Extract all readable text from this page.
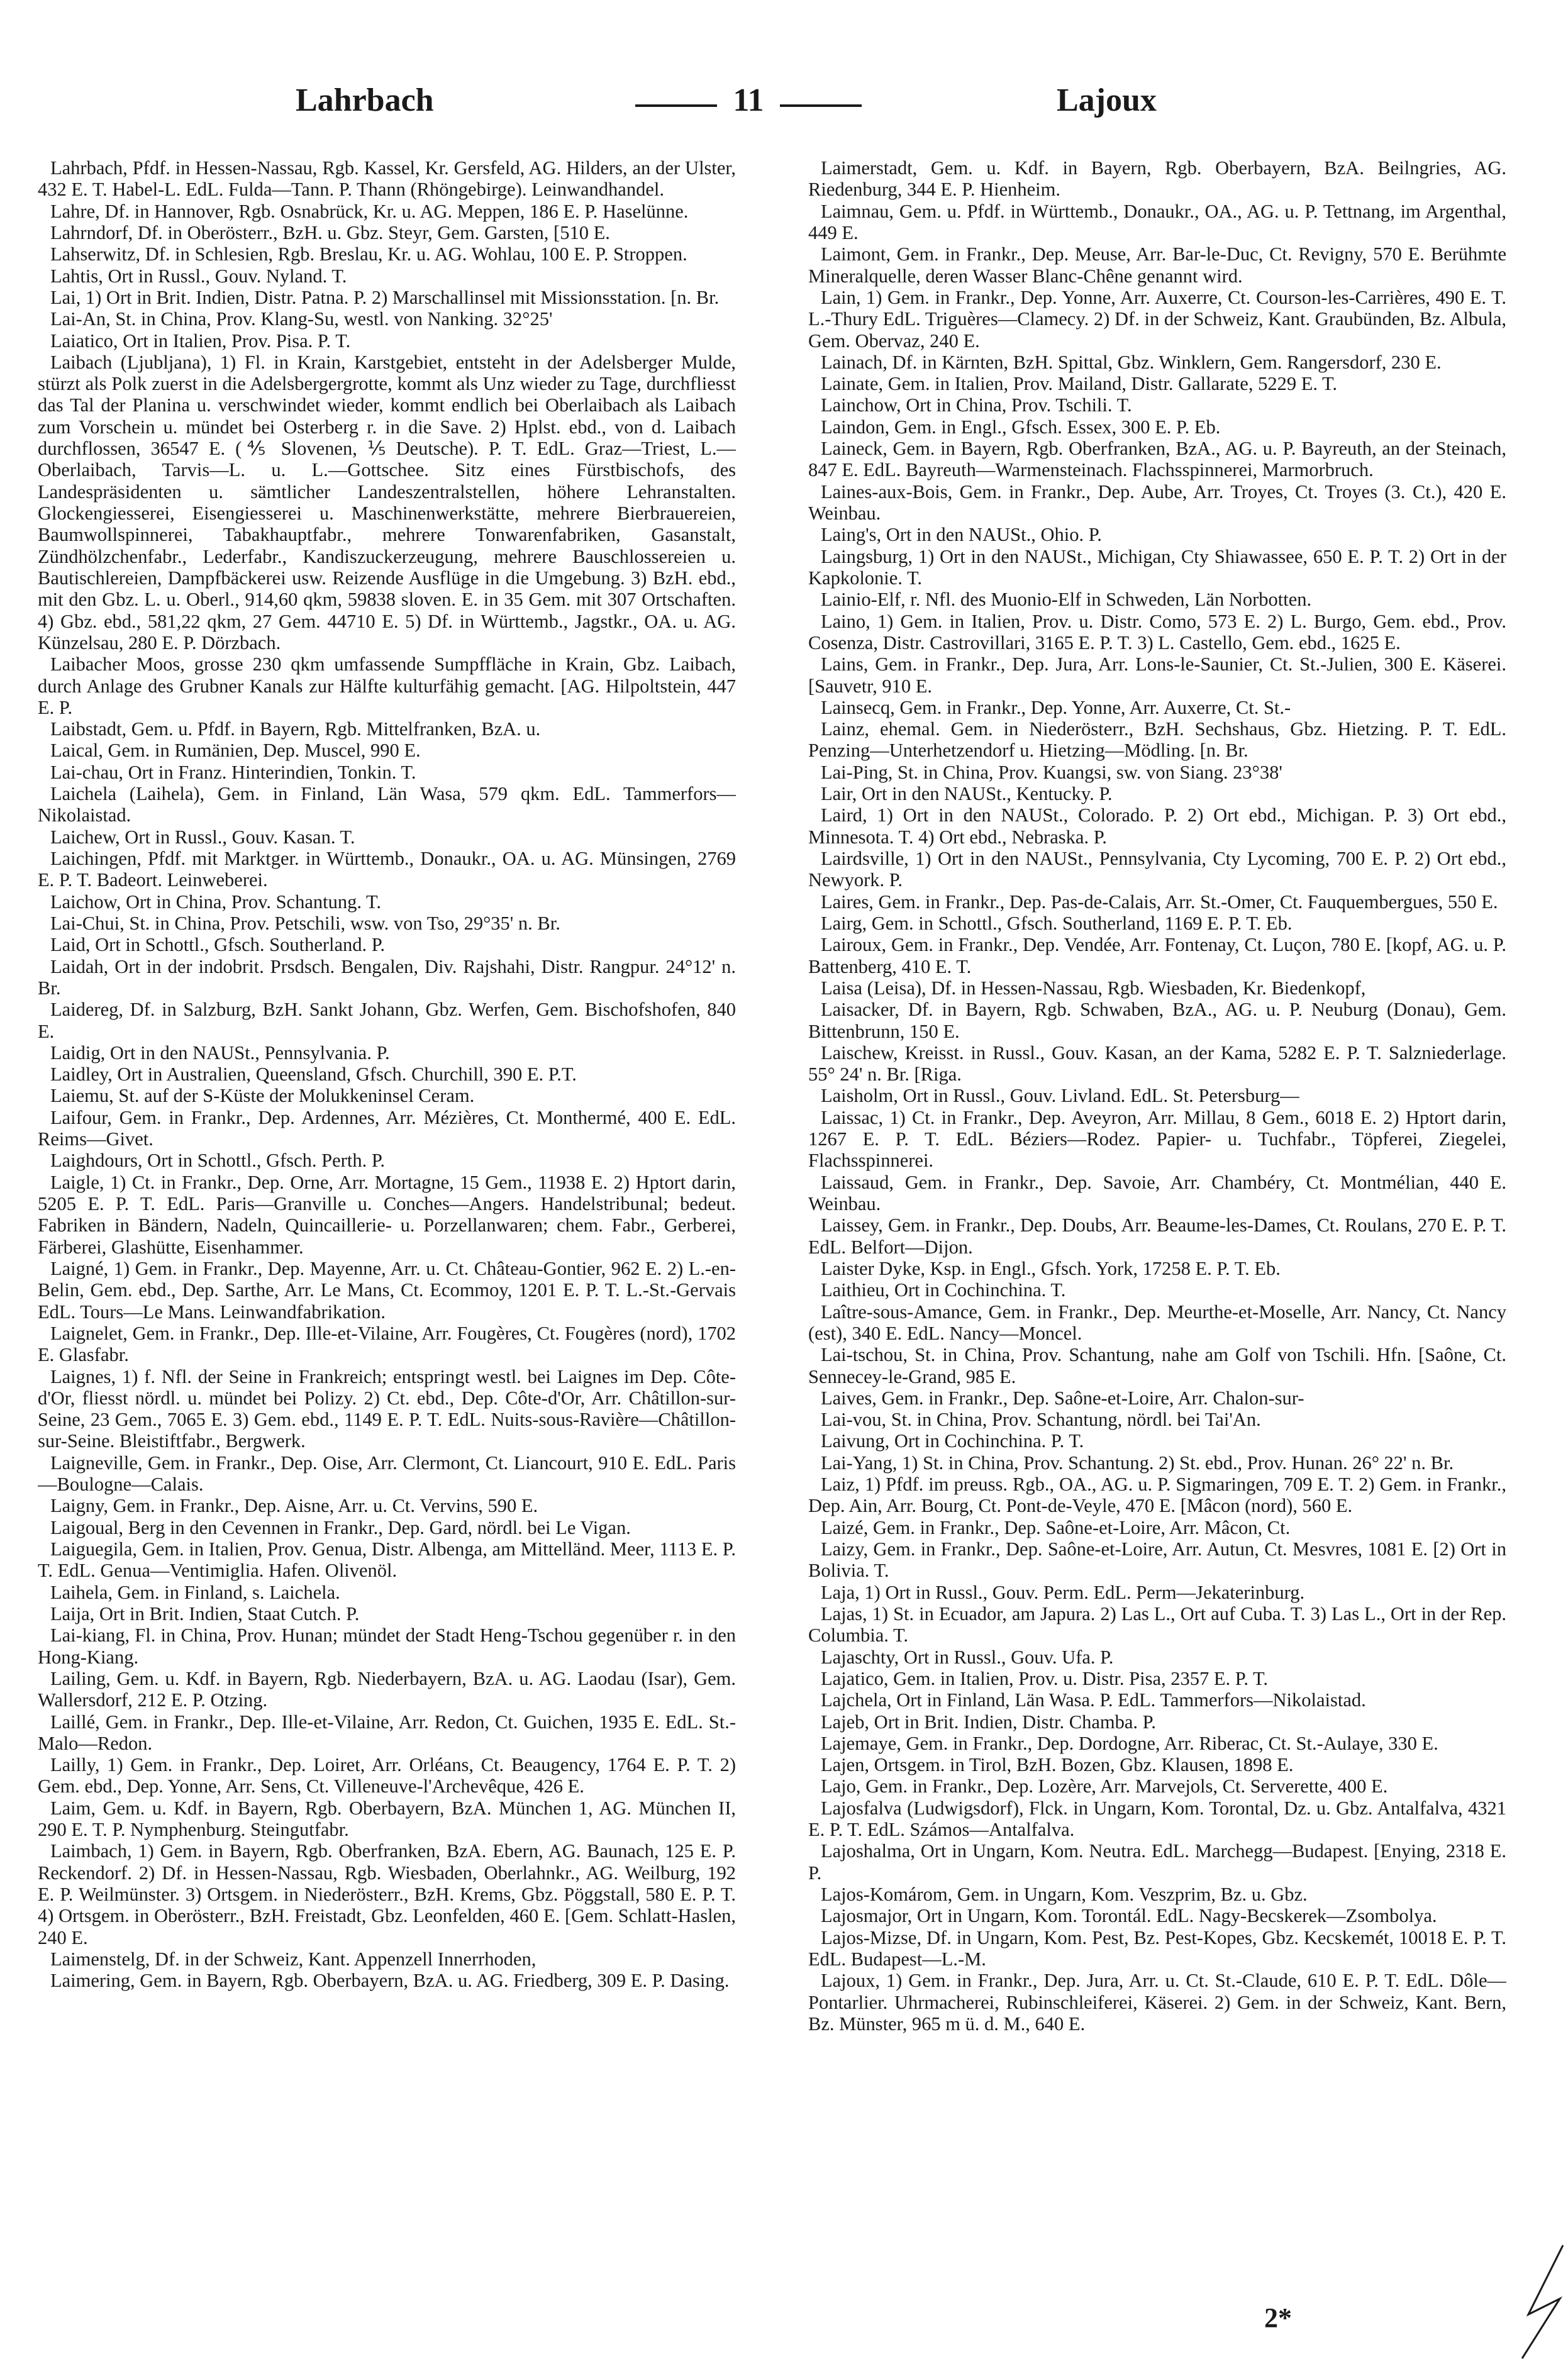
Lahrbach	11	Lajoux

Lahrbach, Pfdf. in Hessen-Nassau, Rgb. Kassel, Kr. Gersfeld, AG. Hilders, an der Ulster, 432 E. T. Habel-L. EdL. Fulda—Tann. P. Thann (Rhöngebirge). Leinwandhandel.

Lahre, Df. in Hannover, Rgb. Osnabrück, Kr. u. AG. Meppen, 186 E. P. Haselünne.

Lahrndorf, Df. in Oberösterr., BzH. u. Gbz. Steyr, Gem. Garsten, [510 E.

Lahserwitz, Df. in Schlesien, Rgb. Breslau, Kr. u. AG. Wohlau, 100 E. P. Stroppen.

Lahtis, Ort in Russl., Gouv. Nyland. T.

Lai, 1) Ort in Brit. Indien, Distr. Patna. P. 2) Marschallinsel mit Missionsstation. [n. Br.

Lai-An, St. in China, Prov. Klang-Su, westl. von Nanking. 32°25'

Laiatico, Ort in Italien, Prov. Pisa. P. T.

Laibach (Ljubljana), 1) Fl. in Krain, Karstgebiet, entsteht in der Adelsberger Mulde, stürzt als Polk zuerst in die Adelsbergergrotte, kommt als Unz wieder zu Tage, durchfliesst das Tal der Planina u. verschwindet wieder, kommt endlich bei Oberlaibach als Laibach zum Vorschein u. mündet bei Osterberg r. in die Save. 2) Hplst. ebd., von d. Laibach durchflossen, 36547 E. (⅘ Slovenen, ⅕ Deutsche). P. T. EdL. Graz—Triest, L.—Oberlaibach, Tarvis—L. u. L.—Gottschee. Sitz eines Fürstbischofs, des Landespräsidenten u. sämtlicher Landeszentralstellen, höhere Lehranstalten. Glockengiesserei, Eisengiesserei u. Maschinenwerkstätte, mehrere Bierbrauereien, Baumwollspinnerei, Tabakhauptfabr., mehrere Tonwarenfabriken, Gasanstalt, Zündhölzchenfabr., Lederfabr., Kandiszuckerzeugung, mehrere Bauschlossereien u. Bautischlereien, Dampfbäckerei usw. Reizende Ausflüge in die Umgebung. 3) BzH. ebd., mit den Gbz. L. u. Oberl., 914,60 qkm, 59838 sloven. E. in 35 Gem. mit 307 Ortschaften. 4) Gbz. ebd., 581,22 qkm, 27 Gem. 44710 E. 5) Df. in Württemb., Jagstkr., OA. u. AG. Künzelsau, 280 E. P. Dörzbach.

Laibacher Moos, grosse 230 qkm umfassende Sumpffläche in Krain, Gbz. Laibach, durch Anlage des Grubner Kanals zur Hälfte kulturfähig gemacht. [AG. Hilpoltstein, 447 E. P.

Laibstadt, Gem. u. Pfdf. in Bayern, Rgb. Mittelfranken, BzA. u.

Laical, Gem. in Rumänien, Dep. Muscel, 990 E.

Lai-chau, Ort in Franz. Hinterindien, Tonkin. T.

Laichela (Laihela), Gem. in Finland, Län Wasa, 579 qkm. EdL. Tammerfors—Nikolaistad.

Laichew, Ort in Russl., Gouv. Kasan. T.

Laichingen, Pfdf. mit Marktger. in Württemb., Donaukr., OA. u. AG. Münsingen, 2769 E. P. T. Badeort. Leinweberei.

Laichow, Ort in China, Prov. Schantung. T.

Lai-Chui, St. in China, Prov. Petschili, wsw. von Tso, 29°35' n. Br.

Laid, Ort in Schottl., Gfsch. Southerland. P.

Laidah, Ort in der indobrit. Prsdsch. Bengalen, Div. Rajshahi, Distr. Rangpur. 24°12' n. Br.

Laidereg, Df. in Salzburg, BzH. Sankt Johann, Gbz. Werfen, Gem. Bischofshofen, 840 E.

Laidig, Ort in den NAUSt., Pennsylvania. P.

Laidley, Ort in Australien, Queensland, Gfsch. Churchill, 390 E. P.T.

Laiemu, St. auf der S-Küste der Molukkeninsel Ceram.

Laifour, Gem. in Frankr., Dep. Ardennes, Arr. Mézières, Ct. Monthermé, 400 E. EdL. Reims—Givet.

Laighdours, Ort in Schottl., Gfsch. Perth. P.

Laigle, 1) Ct. in Frankr., Dep. Orne, Arr. Mortagne, 15 Gem., 11938 E. 2) Hptort darin, 5205 E. P. T. EdL. Paris—Granville u. Conches—Angers. Handelstribunal; bedeut. Fabriken in Bändern, Nadeln, Quincaillerie- u. Porzellanwaren; chem. Fabr., Gerberei, Färberei, Glashütte, Eisenhammer.

Laigné, 1) Gem. in Frankr., Dep. Mayenne, Arr. u. Ct. Château-Gontier, 962 E. 2) L.-en-Belin, Gem. ebd., Dep. Sarthe, Arr. Le Mans, Ct. Ecommoy, 1201 E. P. T. L.-St.-Gervais EdL. Tours—Le Mans. Leinwandfabrikation.

Laignelet, Gem. in Frankr., Dep. Ille-et-Vilaine, Arr. Fougères, Ct. Fougères (nord), 1702 E. Glasfabr.

Laignes, 1) f. Nfl. der Seine in Frankreich; entspringt westl. bei Laignes im Dep. Côte-d'Or, fliesst nördl. u. mündet bei Polizy. 2) Ct. ebd., Dep. Côte-d'Or, Arr. Châtillon-sur-Seine, 23 Gem., 7065 E. 3) Gem. ebd., 1149 E. P. T. EdL. Nuits-sous-Ravière—Châtillon-sur-Seine. Bleistiftfabr., Bergwerk.

Laigneville, Gem. in Frankr., Dep. Oise, Arr. Clermont, Ct. Liancourt, 910 E. EdL. Paris—Boulogne—Calais.

Laigny, Gem. in Frankr., Dep. Aisne, Arr. u. Ct. Vervins, 590 E.

Laigoual, Berg in den Cevennen in Frankr., Dep. Gard, nördl. bei Le Vigan.

Laiguegila, Gem. in Italien, Prov. Genua, Distr. Albenga, am Mittelländ. Meer, 1113 E. P. T. EdL. Genua—Ventimiglia. Hafen. Olivenöl.

Laihela, Gem. in Finland, s. Laichela.

Laija, Ort in Brit. Indien, Staat Cutch. P.

Lai-kiang, Fl. in China, Prov. Hunan; mündet der Stadt Heng-Tschou gegenüber r. in den Hong-Kiang.

Lailing, Gem. u. Kdf. in Bayern, Rgb. Niederbayern, BzA. u. AG. Laodau (Isar), Gem. Wallersdorf, 212 E. P. Otzing.

Laillé, Gem. in Frankr., Dep. Ille-et-Vilaine, Arr. Redon, Ct. Guichen, 1935 E. EdL. St.-Malo—Redon.

Lailly, 1) Gem. in Frankr., Dep. Loiret, Arr. Orléans, Ct. Beaugency, 1764 E. P. T. 2) Gem. ebd., Dep. Yonne, Arr. Sens, Ct. Villeneuve-l'Archevêque, 426 E.

Laim, Gem. u. Kdf. in Bayern, Rgb. Oberbayern, BzA. München 1, AG. München II, 290 E. T. P. Nymphenburg. Steingutfabr.

Laimbach, 1) Gem. in Bayern, Rgb. Oberfranken, BzA. Ebern, AG. Baunach, 125 E. P. Reckendorf. 2) Df. in Hessen-Nassau, Rgb. Wiesbaden, Oberlahnkr., AG. Weilburg, 192 E. P. Weilmünster. 3) Ortsgem. in Niederösterr., BzH. Krems, Gbz. Pöggstall, 580 E. P. T. 4) Ortsgem. in Oberösterr., BzH. Freistadt, Gbz. Leonfelden, 460 E. [Gem. Schlatt-Haslen, 240 E.

Laimenstelg, Df. in der Schweiz, Kant. Appenzell Innerrhoden,

Laimering, Gem. in Bayern, Rgb. Oberbayern, BzA. u. AG. Friedberg, 309 E. P. Dasing.

Laimerstadt, Gem. u. Kdf. in Bayern, Rgb. Oberbayern, BzA. Beilngries, AG. Riedenburg, 344 E. P. Hienheim.

Laimnau, Gem. u. Pfdf. in Württemb., Donaukr., OA., AG. u. P. Tettnang, im Argenthal, 449 E.

Laimont, Gem. in Frankr., Dep. Meuse, Arr. Bar-le-Duc, Ct. Revigny, 570 E. Berühmte Mineralquelle, deren Wasser Blanc-Chêne genannt wird.

Lain, 1) Gem. in Frankr., Dep. Yonne, Arr. Auxerre, Ct. Courson-les-Carrières, 490 E. T. L.-Thury EdL. Triguères—Clamecy. 2) Df. in der Schweiz, Kant. Graubünden, Bz. Albula, Gem. Obervaz, 240 E.

Lainach, Df. in Kärnten, BzH. Spittal, Gbz. Winklern, Gem. Rangersdorf, 230 E.

Lainate, Gem. in Italien, Prov. Mailand, Distr. Gallarate, 5229 E. T.

Lainchow, Ort in China, Prov. Tschili. T.

Laindon, Gem. in Engl., Gfsch. Essex, 300 E. P. Eb.

Laineck, Gem. in Bayern, Rgb. Oberfranken, BzA., AG. u. P. Bayreuth, an der Steinach, 847 E. EdL. Bayreuth—Warmensteinach. Flachsspinnerei, Marmorbruch.

Laines-aux-Bois, Gem. in Frankr., Dep. Aube, Arr. Troyes, Ct. Troyes (3. Ct.), 420 E. Weinbau.

Laing's, Ort in den NAUSt., Ohio. P.

Laingsburg, 1) Ort in den NAUSt., Michigan, Cty Shiawassee, 650 E. P. T. 2) Ort in der Kapkolonie. T.

Lainio-Elf, r. Nfl. des Muonio-Elf in Schweden, Län Norbotten.

Laino, 1) Gem. in Italien, Prov. u. Distr. Como, 573 E. 2) L. Burgo, Gem. ebd., Prov. Cosenza, Distr. Castrovillari, 3165 E. P. T. 3) L. Castello, Gem. ebd., 1625 E.

Lains, Gem. in Frankr., Dep. Jura, Arr. Lons-le-Saunier, Ct. St.-Julien, 300 E. Käserei. [Sauvetr, 910 E.

Lainsecq, Gem. in Frankr., Dep. Yonne, Arr. Auxerre, Ct. St.-

Lainz, ehemal. Gem. in Niederösterr., BzH. Sechshaus, Gbz. Hietzing. P. T. EdL. Penzing—Unterhetzendorf u. Hietzing—Mödling. [n. Br.

Lai-Ping, St. in China, Prov. Kuangsi, sw. von Siang. 23°38'

Lair, Ort in den NAUSt., Kentucky. P.

Laird, 1) Ort in den NAUSt., Colorado. P. 2) Ort ebd., Michigan. P. 3) Ort ebd., Minnesota. T. 4) Ort ebd., Nebraska. P.

Lairdsville, 1) Ort in den NAUSt., Pennsylvania, Cty Lycoming, 700 E. P. 2) Ort ebd., Newyork. P.

Laires, Gem. in Frankr., Dep. Pas-de-Calais, Arr. St.-Omer, Ct. Fauquembergues, 550 E.

Lairg, Gem. in Schottl., Gfsch. Southerland, 1169 E. P. T. Eb.

Lairoux, Gem. in Frankr., Dep. Vendée, Arr. Fontenay, Ct. Luçon, 780 E. [kopf, AG. u. P. Battenberg, 410 E. T.

Laisa (Leisa), Df. in Hessen-Nassau, Rgb. Wiesbaden, Kr. Biedenkopf,

Laisacker, Df. in Bayern, Rgb. Schwaben, BzA., AG. u. P. Neuburg (Donau), Gem. Bittenbrunn, 150 E.

Laischew, Kreisst. in Russl., Gouv. Kasan, an der Kama, 5282 E. P. T. Salzniederlage. 55° 24' n. Br. [Riga.

Laisholm, Ort in Russl., Gouv. Livland. EdL. St. Petersburg—

Laissac, 1) Ct. in Frankr., Dep. Aveyron, Arr. Millau, 8 Gem., 6018 E. 2) Hptort darin, 1267 E. P. T. EdL. Béziers—Rodez. Papier- u. Tuchfabr., Töpferei, Ziegelei, Flachsspinnerei.

Laissaud, Gem. in Frankr., Dep. Savoie, Arr. Chambéry, Ct. Montmélian, 440 E. Weinbau.

Laissey, Gem. in Frankr., Dep. Doubs, Arr. Beaume-les-Dames, Ct. Roulans, 270 E. P. T. EdL. Belfort—Dijon.

Laister Dyke, Ksp. in Engl., Gfsch. York, 17258 E. P. T. Eb.

Laithieu, Ort in Cochinchina. T.

Laître-sous-Amance, Gem. in Frankr., Dep. Meurthe-et-Moselle, Arr. Nancy, Ct. Nancy (est), 340 E. EdL. Nancy—Moncel.

Lai-tschou, St. in China, Prov. Schantung, nahe am Golf von Tschili. Hfn. [Saône, Ct. Sennecey-le-Grand, 985 E.

Laives, Gem. in Frankr., Dep. Saône-et-Loire, Arr. Chalon-sur-

Lai-vou, St. in China, Prov. Schantung, nördl. bei Tai'An.

Laivung, Ort in Cochinchina. P. T.

Lai-Yang, 1) St. in China, Prov. Schantung. 2) St. ebd., Prov. Hunan. 26° 22' n. Br.

Laiz, 1) Pfdf. im preuss. Rgb., OA., AG. u. P. Sigmaringen, 709 E. T. 2) Gem. in Frankr., Dep. Ain, Arr. Bourg, Ct. Pont-de-Veyle, 470 E. [Mâcon (nord), 560 E.

Laizé, Gem. in Frankr., Dep. Saône-et-Loire, Arr. Mâcon, Ct.

Laizy, Gem. in Frankr., Dep. Saône-et-Loire, Arr. Autun, Ct. Mesvres, 1081 E. [2) Ort in Bolivia. T.

Laja, 1) Ort in Russl., Gouv. Perm. EdL. Perm—Jekaterinburg.

Lajas, 1) St. in Ecuador, am Japura. 2) Las L., Ort auf Cuba. T. 3) Las L., Ort in der Rep. Columbia. T.

Lajaschty, Ort in Russl., Gouv. Ufa. P.

Lajatico, Gem. in Italien, Prov. u. Distr. Pisa, 2357 E. P. T.

Lajchela, Ort in Finland, Län Wasa. P. EdL. Tammerfors—Nikolaistad.

Lajeb, Ort in Brit. Indien, Distr. Chamba. P.

Lajemaye, Gem. in Frankr., Dep. Dordogne, Arr. Riberac, Ct. St.-Aulaye, 330 E.

Lajen, Ortsgem. in Tirol, BzH. Bozen, Gbz. Klausen, 1898 E.

Lajo, Gem. in Frankr., Dep. Lozère, Arr. Marvejols, Ct. Serverette, 400 E.

Lajosfalva (Ludwigsdorf), Flck. in Ungarn, Kom. Torontal, Dz. u. Gbz. Antalfalva, 4321 E. P. T. EdL. Számos—Antalfalva.

Lajoshalma, Ort in Ungarn, Kom. Neutra. EdL. Marchegg—Budapest. [Enying, 2318 E. P.

Lajos-Komárom, Gem. in Ungarn, Kom. Veszprim, Bz. u. Gbz.

Lajosmajor, Ort in Ungarn, Kom. Torontál. EdL. Nagy-Becskerek—Zsombolya.

Lajos-Mizse, Df. in Ungarn, Kom. Pest, Bz. Pest-Kopes, Gbz. Kecskemét, 10018 E. P. T. EdL. Budapest—L.-M.

Lajoux, 1) Gem. in Frankr., Dep. Jura, Arr. u. Ct. St.-Claude, 610 E. P. T. EdL. Dôle—Pontarlier. Uhrmacherei, Rubinschleiferei, Käserei. 2) Gem. in der Schweiz, Kant. Bern, Bz. Münster, 965 m ü. d. M., 640 E.

2*
